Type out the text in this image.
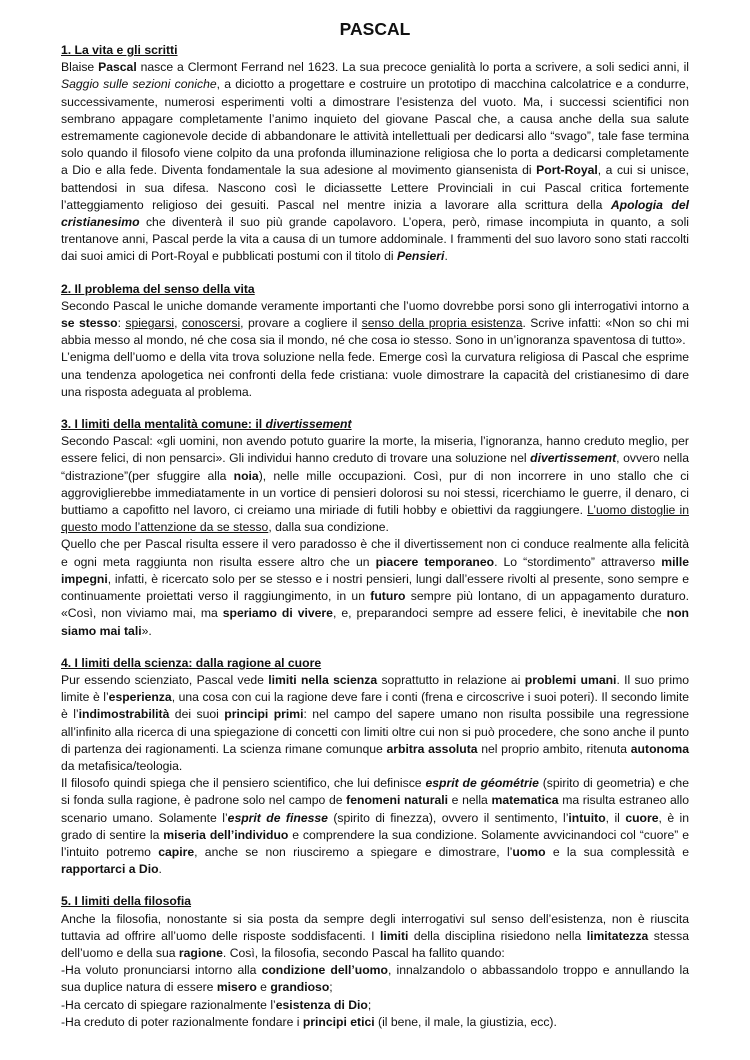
PASCAL
1. La vita e gli scritti

Blaise Pascal nasce a Clermont Ferrand nel 1623. La sua precoce genialità lo porta a scrivere, a soli sedici anni, il Saggio sulle sezioni coniche, a diciotto a progettare e costruire un prototipo di macchina calcolatrice e a condurre, successivamente, numerosi esperimenti volti a dimostrare l’esistenza del vuoto. Ma, i successi scientifici non sembrano appagare completamente l’animo inquieto del giovane Pascal che, a causa anche della sua salute estremamente cagionevole decide di abbandonare le attività intellettuali per dedicarsi allo “svago”, tale fase termina solo quando il filosofo viene colpito da una profonda illuminazione religiosa che lo porta a dedicarsi completamente a Dio e alla fede. Diventa fondamentale la sua adesione al movimento giansenista di Port-Royal, a cui si unisce, battendosi in sua difesa. Nascono così le diciassette Lettere Provinciali in cui Pascal critica fortemente l’atteggiamento religioso dei gesuiti. Pascal nel mentre inizia a lavorare alla scrittura della Apologia del cristianesimo che diventerà il suo più grande capolavoro. L’opera, però, rimase incompiuta in quanto, a soli trentanove anni, Pascal perde la vita a causa di un tumore addominale. I frammenti del suo lavoro sono stati raccolti dai suoi amici di Port-Royal e pubblicati postumi con il titolo di Pensieri.

2. Il problema del senso della vita

Secondo Pascal le uniche domande veramente importanti che l’uomo dovrebbe porsi sono gli interrogativi intorno a se stesso: spiegarsi, conoscersi, provare a cogliere il senso della propria esistenza. Scrive infatti: «Non so chi mi abbia messo al mondo, né che cosa sia il mondo, né che cosa io stesso. Sono in un’ignoranza spaventosa di tutto».

L’enigma dell’uomo e della vita trova soluzione nella fede. Emerge così la curvatura religiosa di Pascal che esprime una tendenza apologetica nei confronti della fede cristiana: vuole dimostrare la capacità del cristianesimo di dare una risposta adeguata al problema.

3. I limiti della mentalità comune: il divertissement

Secondo Pascal: «gli uomini, non avendo potuto guarire la morte, la miseria, l’ignoranza, hanno creduto meglio, per essere felici, di non pensarci». Gli individui hanno creduto di trovare una soluzione nel divertissement, ovvero nella “distrazione”(per sfuggire alla noia), nelle mille occupazioni. Così, pur di non incorrere in uno stallo che ci aggroviglierebbe immediatamente in un vortice di pensieri dolorosi su noi stessi, ricerchiamo le guerre, il denaro, ci buttiamo a capofitto nel lavoro, ci creiamo una miriade di futili hobby e obiettivi da raggiungere. L’uomo distoglie in questo modo l’attenzione da se stesso, dalla sua condizione.

Quello che per Pascal risulta essere il vero paradosso è che il divertissement non ci conduce realmente alla felicità e ogni meta raggiunta non risulta essere altro che un piacere temporaneo. Lo “stordimento” attraverso mille impegni, infatti, è ricercato solo per se stesso e i nostri pensieri, lungi dall’essere rivolti al presente, sono sempre e continuamente proiettati verso il raggiungimento, in un futuro sempre più lontano, di un appagamento duraturo. «Così, non viviamo mai, ma speriamo di vivere, e, preparandoci sempre ad essere felici, è inevitabile che non siamo mai tali».

4. I limiti della scienza: dalla ragione al cuore

Pur essendo scienziato, Pascal vede limiti nella scienza soprattutto in relazione ai problemi umani. Il suo primo limite è l’esperienza, una cosa con cui la ragione deve fare i conti (frena e circoscrive i suoi poteri). Il secondo limite è l’indimostrabilità dei suoi principi primi: nel campo del sapere umano non risulta possibile una regressione all’infinito alla ricerca di una spiegazione di concetti con limiti oltre cui non si può procedere, che sono anche il punto di partenza dei ragionamenti. La scienza rimane comunque arbitra assoluta nel proprio ambito, ritenuta autonoma da metafisica/teologia.

Il filosofo quindi spiega che il pensiero scientifico, che lui definisce esprit de géométrie (spirito di geometria) e che si fonda sulla ragione, è padrone solo nel campo de fenomeni naturali e nella matematica ma risulta estraneo allo scenario umano. Solamente l’esprit de finesse (spirito di finezza), ovvero il sentimento, l’intuito, il cuore, è in grado di sentire la miseria dell’individuo e comprendere la sua condizione. Solamente avvicinandoci col “cuore” e l’intuito potremo capire, anche se non riusciremo a spiegare e dimostrare, l’uomo e la sua complessità e rapportarci a Dio.

5. I limiti della filosofia

Anche la filosofia, nonostante si sia posta da sempre degli interrogativi sul senso dell’esistenza, non è riuscita tuttavia ad offrire all’uomo delle risposte soddisfacenti. I limiti della disciplina risiedono nella limitatezza stessa dell’uomo e della sua ragione. Così, la filosofia, secondo Pascal ha fallito quando:

-Ha voluto pronunciarsi intorno alla condizione dell’uomo, innalzandolo o abbassandolo troppo e annullando la sua duplice natura di essere misero e grandioso;

-Ha cercato di spiegare razionalmente l’esistenza di Dio;

-Ha creduto di poter razionalmente fondare i principi etici (il bene, il male, la giustizia, ecc).
